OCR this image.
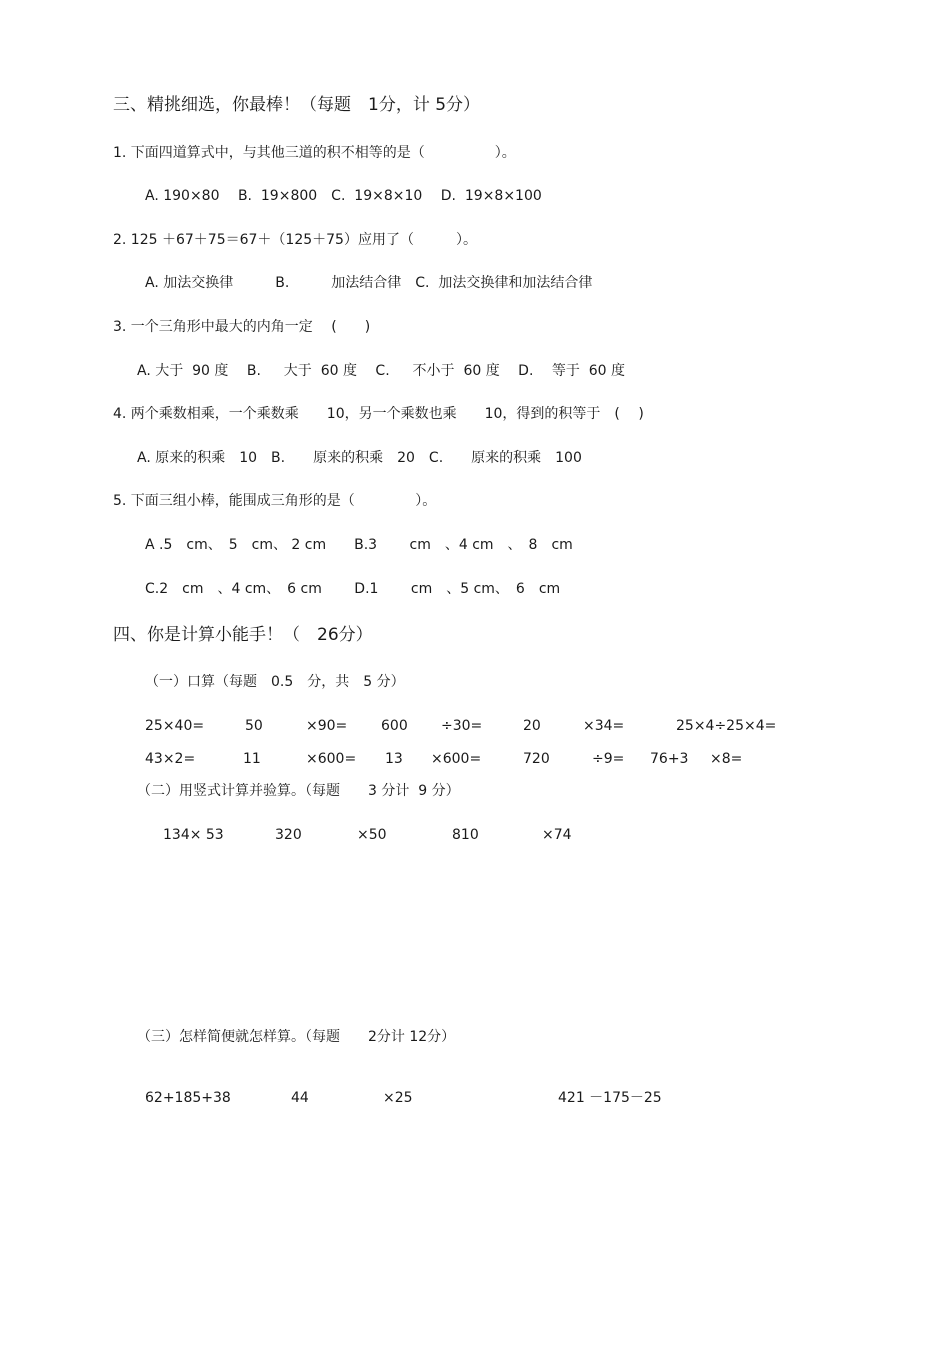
三、精挑细选，你最棒！（每题　1分，计 5分）
1. 下面四道算式中，与其他三道的积不相等的是（　　　　　）。
A. 190×80　 B.  19×800　C.  19×8×10　 D.  19×8×100
2. 125 ＋67＋75＝67＋（125＋75）应用了（　　　）。
A. 加法交换律　　　B.　　　加法结合律　C.  加法交换律和加法结合律
3. 一个三角形中最大的内角一定　 (　　)
A. 大于  90 度　 B.　  大于  60 度　 C.　  不小于  60 度　 D.　 等于  60 度
4. 两个乘数相乘，一个乘数乘　　10，另一个乘数也乘　　10，得到的积等于　(　 )
A. 原来的积乘　10　B.　　原来的积乘　20　C.　　原来的积乘　100
5. 下面三组小棒，能围成三角形的是（　　　　 ）。
A .5　cm、　5　cm、 2 cm　　B.3　　 cm　、4 cm　、　8　cm
C.2　cm　、4 cm、　6 cm　　 D.1　　 cm　、5 cm、　6　cm
四、你是计算小能手！（　26分）
（一）口算（每题　0.5　分，共　5 分）
25×40=	50	×90= 600 ÷30=	20	×34=	25×4÷25×4=
43×2=	11	×600= 13 ×600=	720	÷9= 76+3 ×8=
（二）用竖式计算并验算。（每题　　3 分计  9 分）
134× 53	320	×50	810	×74
（三）怎样简便就怎样算。（每题　　2分计 12分）
62+185+38	44	×25	421 －175－25
